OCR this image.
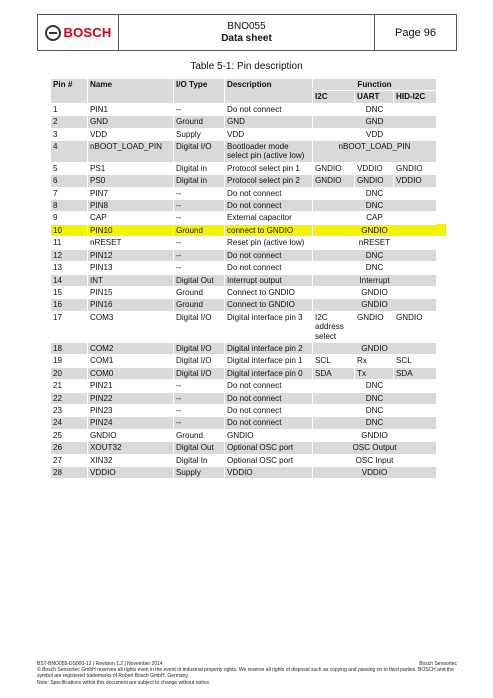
BOSCH	BNO055
Data sheet	Page 96
Table 5-1: Pin description
Pin #	Name	I/O Type	Description	Function		
				I2C	UART	HID-I2C
1	PIN1	--	Do not connect	DNC		
2	GND	Ground	GND	GND		
3	VDD	Supply	VDD	VDD		
4	nBOOT_LOAD_PIN	Digital I/O	Bootloader mode select pin (active low)	nBOOT_LOAD_PIN		
5	PS1	Digital in	Protocol select pin 1	GNDIO	VDDIO	GNDIO
6	PS0	Digital in	Protocol select pin 2	GNDIO	GNDIO	VDDIO
7	PIN7	--	Do not connect	DNC		
8	PIN8	--	Do not connect	DNC		
9	CAP	--	External capacitor	CAP		
10	PIN10	Ground	connect to GNDIO	GNDIO		
11	nRESET	--	Reset pin (active low)	nRESET		
12	PIN12	--	Do not connect	DNC		
13	PIN13	--	Do not connect	DNC		
14	INT	Digital Out	Interrupt output	Interrupt		
15	PIN15	Ground	Connect to GNDIO	GNDIO		
16	PIN16	Ground	Connect to GNDIO	GNDIO		
17	COM3	Digital I/O	Digital interface pin 3	I2C address select	GNDIO	GNDIO
18	COM2	Digital I/O	Digital interface pin 2	GNDIO		
19	COM1	Digital I/O	Digital interface pin 1	SCL	Rx	SCL
20	COM0	Digital I/O	Digital interface pin 0	SDA	Tx	SDA
21	PIN21	--	Do not connect	DNC		
22	PIN22	--	Do not connect	DNC		
23	PIN23	--	Do not connect	DNC		
24	PIN24	--	Do not connect	DNC		
25	GNDIO	Ground	GNDIO	GNDIO		
26	XOUT32	Digital Out	Optional OSC port	OSC Output		
27	XIN32	Digital In	Optional OSC port	OSC Input		
28	VDDIO	Supply	VDDIO	VDDIO		
BST-BNO055-DS000-12 | Revision 1.2 | November 2014	Bosch Sensortec
© Bosch Sensortec GmbH reserves all rights even in the event of industrial property rights. We reserve all rights of disposal such as copying and passing on to third parties. BOSCH and the symbol are registered trademarks of Robert Bosch GmbH, Germany.
Note: Specifications within this document are subject to change without notice.
